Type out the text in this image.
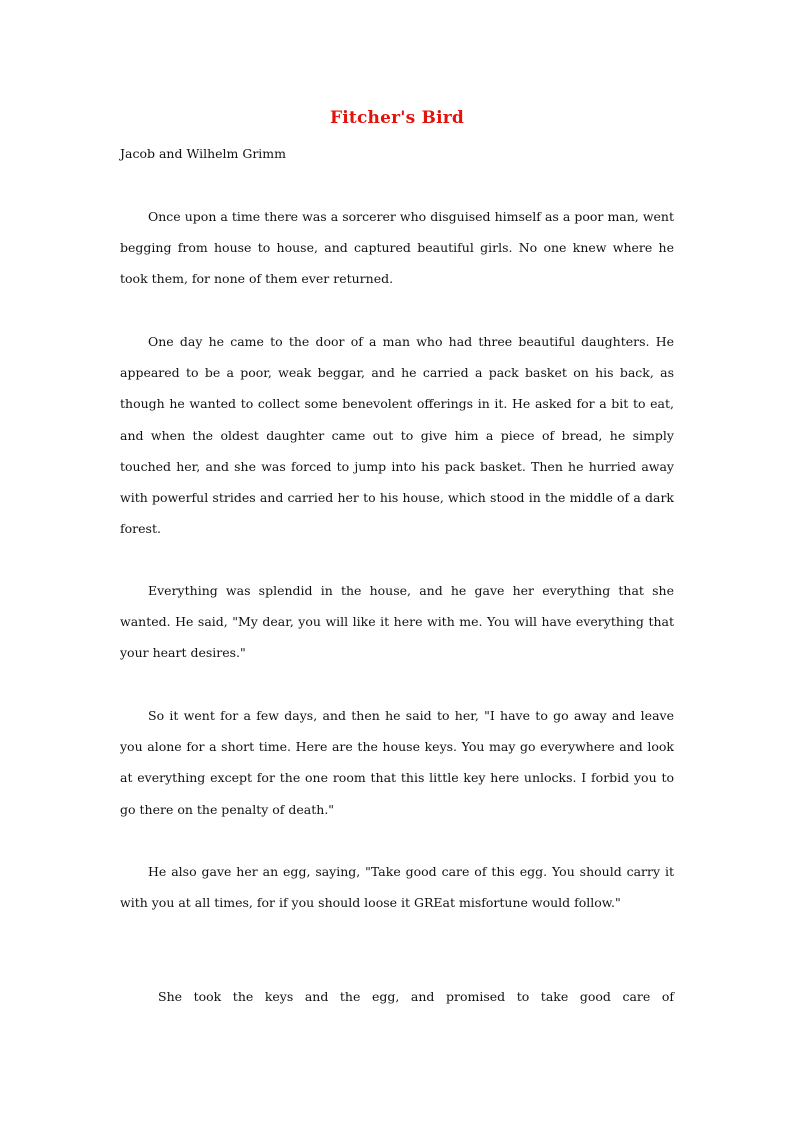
Fitcher's Bird
Jacob and Wilhelm Grimm

Once upon a time there was a sorcerer who disguised himself as a poor man, went begging from house to house, and captured beautiful girls. No one knew where he took them, for none of them ever returned.

One day he came to the door of a man who had three beautiful daughters. He appeared to be a poor, weak beggar, and he carried a pack basket on his back, as though he wanted to collect some benevolent offerings in it. He asked for a bit to eat, and when the oldest daughter came out to give him a piece of bread, he simply touched her, and she was forced to jump into his pack basket. Then he hurried away with powerful strides and carried her to his house, which stood in the middle of a dark forest.

Everything was splendid in the house, and he gave her everything that she wanted. He said, "My dear, you will like it here with me. You will have everything that your heart desires."

So it went for a few days, and then he said to her, "I have to go away and leave you alone for a short time. Here are the house keys. You may go everywhere and look at everything except for the one room that this little key here unlocks. I forbid you to go there on the penalty of death."

He also gave her an egg, saying, "Take good care of this egg. You should carry it with you at all times, for if you should loose it GREat misfortune would follow."

She took the keys and the egg, and promised to take good care of
